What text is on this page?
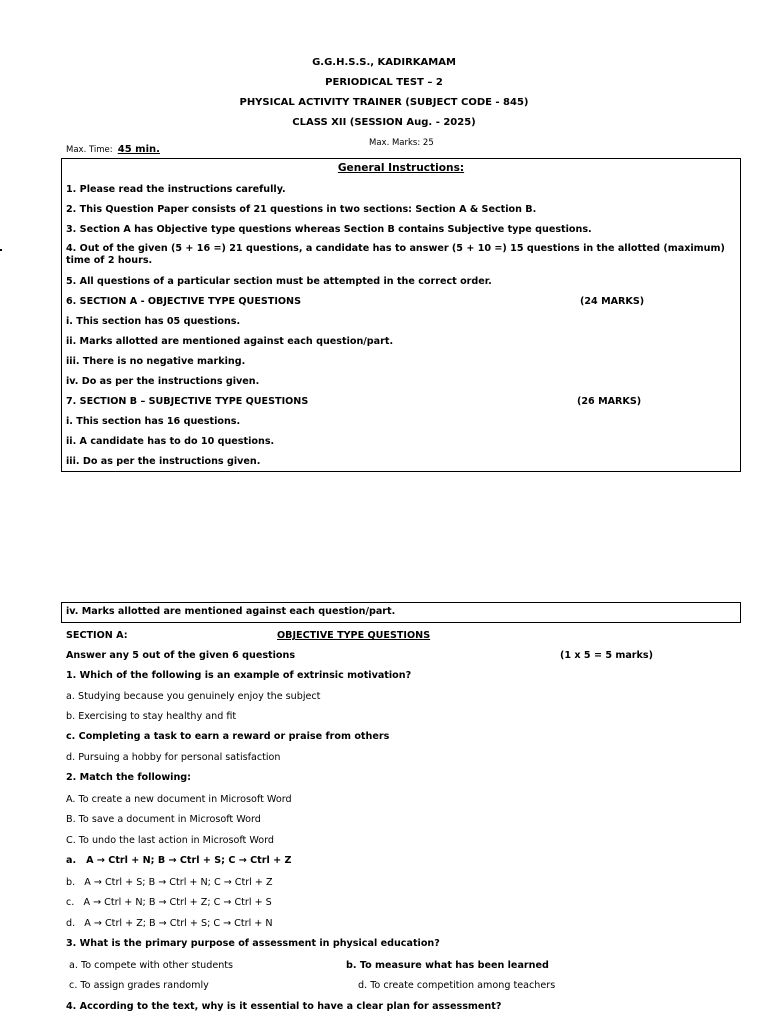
G.G.H.S.S., KADIRKAMAM
PERIODICAL TEST – 2
PHYSICAL ACTIVITY TRAINER (SUBJECT CODE - 845)
CLASS XII (SESSION Aug. - 2025)
Max. Time: 45 min.
Max. Marks: 25
General Instructions:
1. Please read the instructions carefully.
2. This Question Paper consists of 21 questions in two sections: Section A & Section B.
3. Section A has Objective type questions whereas Section B contains Subjective type questions.
4. Out of the given (5 + 16 =) 21 questions, a candidate has to answer (5 + 10 =) 15 questions in the allotted (maximum) time of 2 hours.
5. All questions of a particular section must be attempted in the correct order.
6. SECTION A - OBJECTIVE TYPE QUESTIONS	(24 MARKS)
i. This section has 05 questions.
ii. Marks allotted are mentioned against each question/part.
iii. There is no negative marking.
iv. Do as per the instructions given.
7. SECTION B – SUBJECTIVE TYPE QUESTIONS	(26 MARKS)
i. This section has 16 questions.
ii. A candidate has to do 10 questions.
iii. Do as per the instructions given.
iv. Marks allotted are mentioned against each question/part.
SECTION A:	OBJECTIVE TYPE QUESTIONS
Answer any 5 out of the given 6 questions	(1 x 5 = 5 marks)
1. Which of the following is an example of extrinsic motivation?
a. Studying because you genuinely enjoy the subject
b. Exercising to stay healthy and fit
c. Completing a task to earn a reward or praise from others
d. Pursuing a hobby for personal satisfaction
2. Match the following:
A. To create a new document in Microsoft Word
B. To save a document in Microsoft Word
C. To undo the last action in Microsoft Word
a.   A → Ctrl + N; B → Ctrl + S; C → Ctrl + Z
b.   A → Ctrl + S; B → Ctrl + N; C → Ctrl + Z
c.   A → Ctrl + N; B → Ctrl + Z; C → Ctrl + S
d.   A → Ctrl + Z; B → Ctrl + S; C → Ctrl + N
3. What is the primary purpose of assessment in physical education?
a. To compete with other students	b. To measure what has been learned
c. To assign grades randomly	d. To create competition among teachers
4. According to the text, why is it essential to have a clear plan for assessment?
